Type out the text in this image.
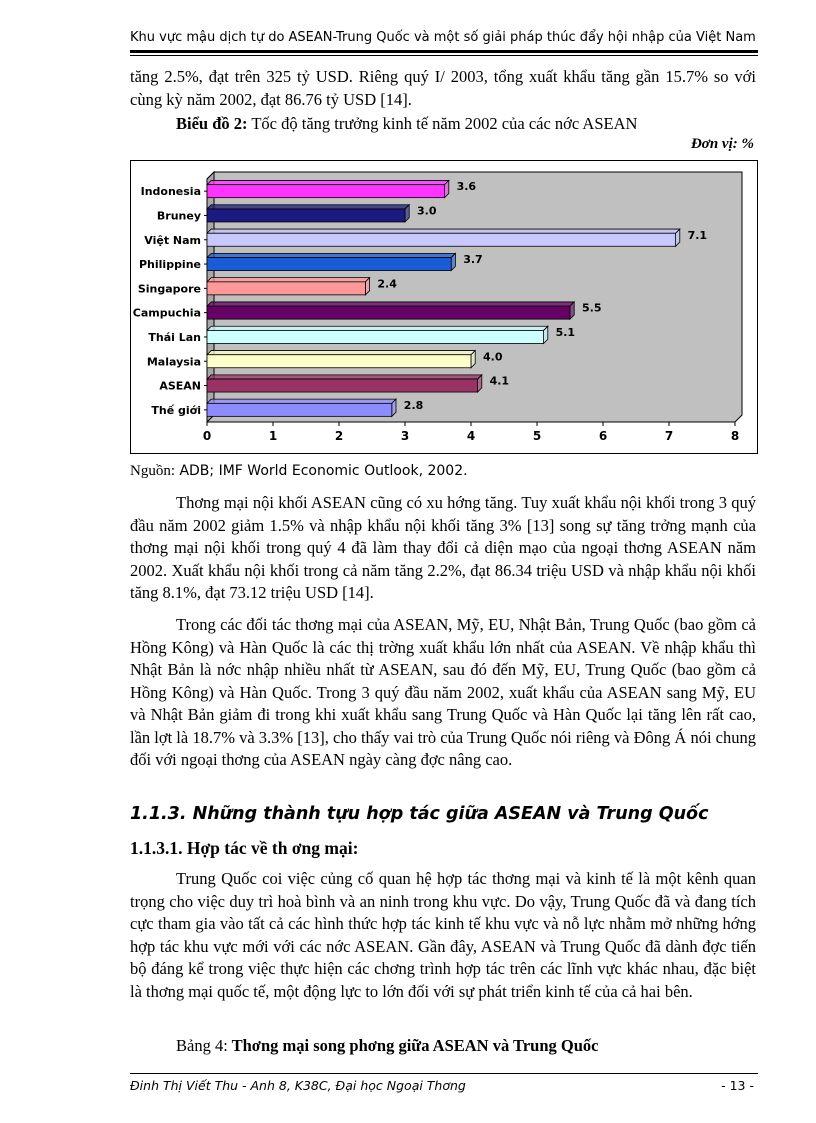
Khu vực mậu dịch tự do ASEAN-Trung Quốc và một số giải pháp thúc đẩy hội nhập của Việt Nam

tăng 2.5%, đạt trên 325 tỷ USD. Riêng quý I/ 2003, tổng xuất khẩu tăng gần 15.7% so với cùng kỳ năm 2002, đạt 86.76 tỷ USD [14].

Biểu đồ 2: Tốc độ tăng trưởng kinh tế năm 2002 của các nớc ASEAN
Đơn vị: %
3.6
Indonesia
3.0
Bruney
7.1
Việt Nam
3.7
Philippine
2.4
Singapore
5.5
Campuchia
5.1
Thái Lan
4.0
Malaysia
4.1
ASEAN
2.8
Thế giới
0	1	2	3	4	5	6	7	8
Nguồn: ADB; IMF World Economic Outlook, 2002.

Thơng mại nội khối ASEAN cũng có xu hớng tăng. Tuy xuất khẩu nội khối trong 3 quý đầu năm 2002 giảm 1.5% và nhập khẩu nội khối tăng 3% [13] song sự tăng trởng mạnh của thơng mại nội khối trong quý 4 đã làm thay đổi cả diện mạo của ngoại thơng ASEAN năm 2002. Xuất khẩu nội khối trong cả năm tăng 2.2%, đạt 86.34 triệu USD và nhập khẩu nội khối tăng 8.1%, đạt 73.12 triệu USD [14].

Trong các đối tác thơng mại của ASEAN, Mỹ, EU, Nhật Bản, Trung Quốc (bao gồm cả Hồng Kông) và Hàn Quốc là các thị trờng xuất khẩu lớn nhất của ASEAN. Về nhập khẩu thì Nhật Bản là nớc nhập nhiều nhất từ ASEAN, sau đó đến Mỹ, EU, Trung Quốc (bao gồm cả Hồng Kông) và Hàn Quốc. Trong 3 quý đầu năm 2002, xuất khẩu của ASEAN sang Mỹ, EU và Nhật Bản giảm đi trong khi xuất khẩu sang Trung Quốc và Hàn Quốc lại tăng lên rất cao, lần lợt là 18.7% và 3.3% [13], cho thấy vai trò của Trung Quốc nói riêng và Đông Á nói chung đối với ngoại thơng của ASEAN ngày càng đợc nâng cao.

1.1.3. Những thành tựu hợp tác giữa ASEAN và Trung Quốc
1.1.3.1. Hợp tác về th ơng mại:

Trung Quốc coi việc củng cố quan hệ hợp tác thơng mại và kinh tế là một kênh quan trọng cho việc duy trì hoà bình và an ninh trong khu vực. Do vậy, Trung Quốc đã và đang tích cực tham gia vào tất cả các hình thức hợp tác kinh tế khu vực và nỗ lực nhằm mở những hớng hợp tác khu vực mới với các nớc ASEAN. Gần đây, ASEAN và Trung Quốc đã dành đợc tiến bộ đáng kể trong việc thực hiện các chơng trình hợp tác trên các lĩnh vực khác nhau, đặc biệt là thơng mại quốc tế, một động lực to lớn đối với sự phát triển kinh tế của cả hai bên.

Bảng 4: Thơng mại song phơng giữa ASEAN và Trung Quốc
Đinh Thị Viết Thu - Anh 8, K38C, Đại học Ngoại Thơng	- 13 -
